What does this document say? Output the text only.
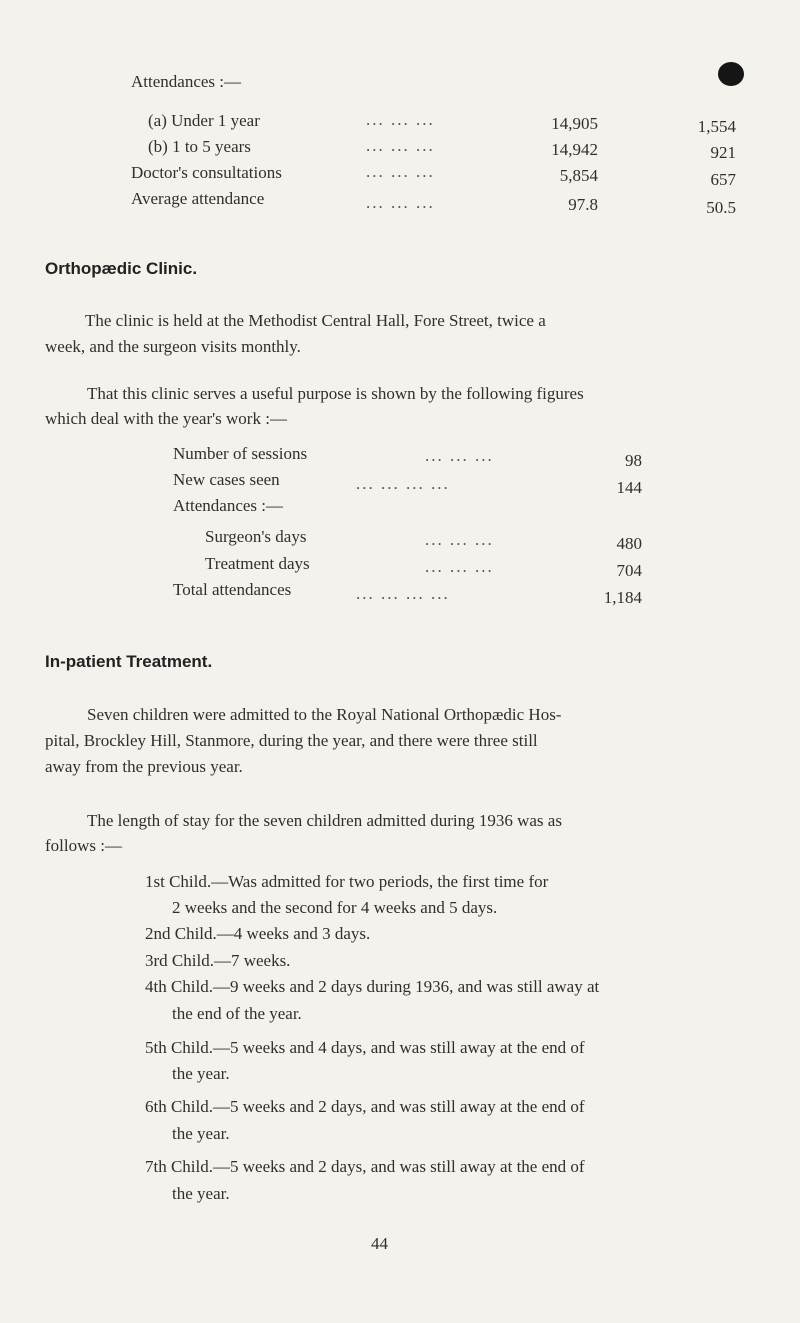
Attendances :—
(a) Under 1 year	... ... ...	14,905	1,554
(b) 1 to 5 years	... ... ...	14,942	921
Doctor's consultations	... ... ...	5,854	657
Average attendance	... ... ...	97.8	50.5
Orthopædic Clinic.
The clinic is held at the Methodist Central Hall, Fore Street, twice a
week, and the surgeon visits monthly.
That this clinic serves a useful purpose is shown by the following figures
which deal with the year's work :—
Number of sessions	... ... ...	98
New cases seen	... ... ... ...	144
Attendances :—
Surgeon's days	... ... ...	480
Treatment days	... ... ...	704
Total attendances	... ... ... ...	1,184
In-patient Treatment.
Seven children were admitted to the Royal National Orthopædic Hos-
pital, Brockley Hill, Stanmore, during the year, and there were three still
away from the previous year.
The length of stay for the seven children admitted during 1936 was as
follows :—
1st Child.—Was admitted for two periods, the first time for
2 weeks and the second for 4 weeks and 5 days.
2nd Child.—4 weeks and 3 days.
3rd Child.—7 weeks.
4th Child.—9 weeks and 2 days during 1936, and was still away at
the end of the year.
5th Child.—5 weeks and 4 days, and was still away at the end of
the year.
6th Child.—5 weeks and 2 days, and was still away at the end of
the year.
7th Child.—5 weeks and 2 days, and was still away at the end of
the year.
44
